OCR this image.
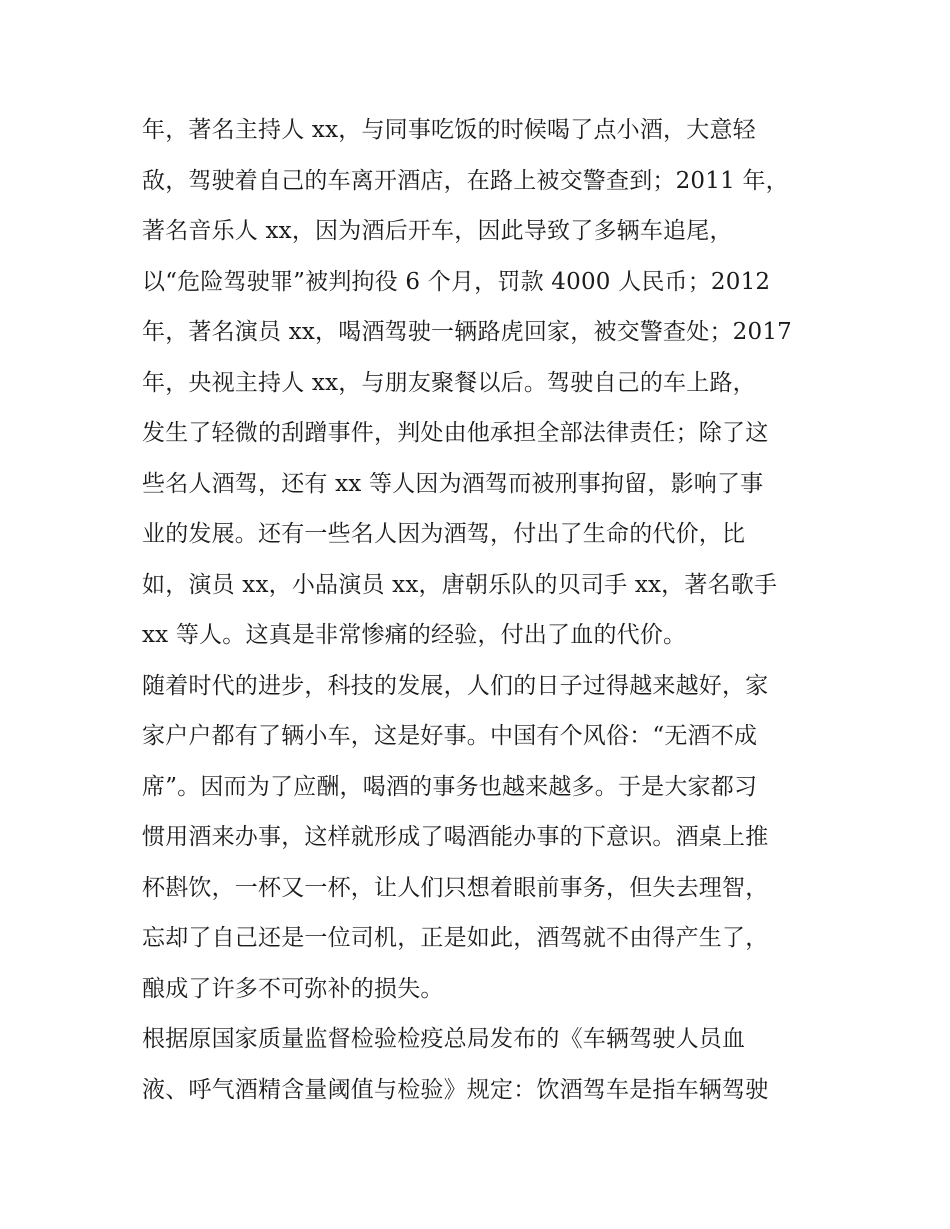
年，著名主持人 xx，与同事吃饭的时候喝了点小酒，大意轻
敌，驾驶着自己的车离开酒店，在路上被交警查到；2011 年，
著名音乐人 xx，因为酒后开车，因此导致了多辆车追尾，
以“危险驾驶罪”被判拘役 6 个月，罚款 4000 人民币；2012
年，著名演员 xx，喝酒驾驶一辆路虎回家，被交警查处；2017
年，央视主持人 xx，与朋友聚餐以后。驾驶自己的车上路，
发生了轻微的刮蹭事件，判处由他承担全部法律责任；除了这
些名人酒驾，还有 xx 等人因为酒驾而被刑事拘留，影响了事
业的发展。还有一些名人因为酒驾，付出了生命的代价，比
如，演员 xx，小品演员 xx，唐朝乐队的贝司手 xx，著名歌手
xx 等人。这真是非常惨痛的经验，付出了血的代价。
随着时代的进步，科技的发展，人们的日子过得越来越好，家
家户户都有了辆小车，这是好事。中国有个风俗：“无酒不成
席”。因而为了应酬，喝酒的事务也越来越多。于是大家都习
惯用酒来办事，这样就形成了喝酒能办事的下意识。酒桌上推
杯斟饮，一杯又一杯，让人们只想着眼前事务，但失去理智，
忘却了自己还是一位司机，正是如此，酒驾就不由得产生了，
酿成了许多不可弥补的损失。
根据原国家质量监督检验检疫总局发布的《车辆驾驶人员血
液、呼气酒精含量阈值与检验》规定：饮酒驾车是指车辆驾驶
